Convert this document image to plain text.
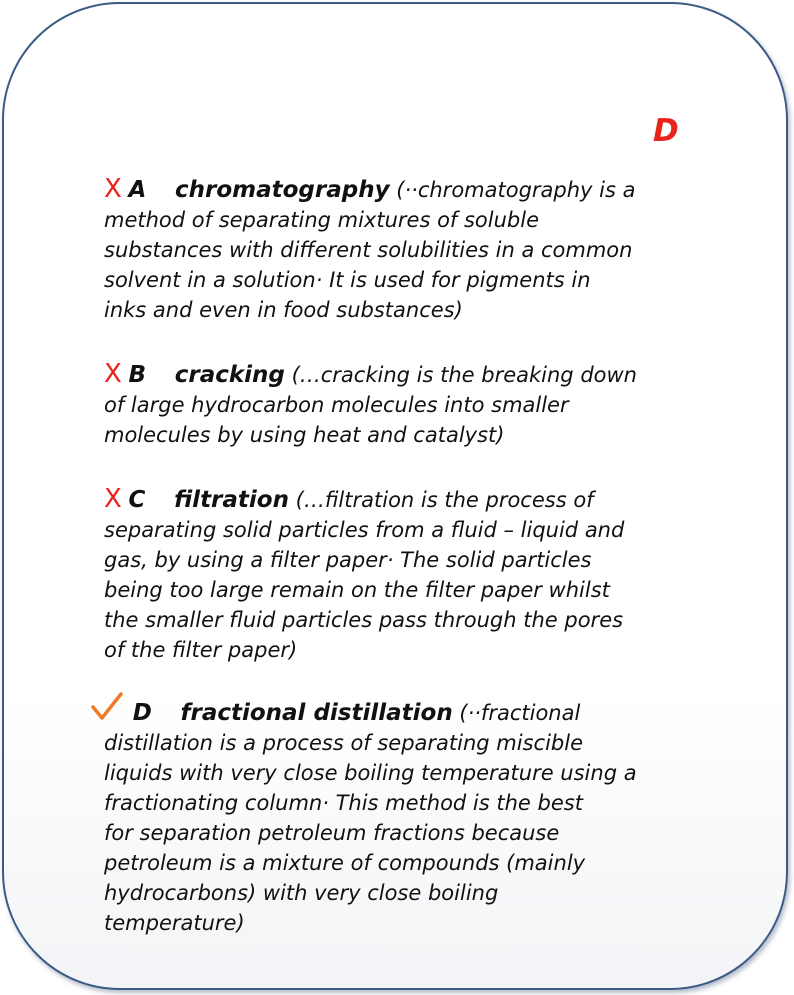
D

X A chromatography (··chromatography is a

method of separating mixtures of soluble

substances with different solubilities in a common

solvent in a solution· It is used for pigments in

inks and even in food substances)

X B cracking (…cracking is the breaking down

of large hydrocarbon molecules into smaller

molecules by using heat and catalyst)

X C filtration (…filtration is the process of

separating solid particles from a fluid – liquid and

gas, by using a filter paper· The solid particles

being too large remain on the filter paper whilst

the smaller fluid particles pass through the pores

of the filter paper)

D fractional distillation (··fractional

distillation is a process of separating miscible

liquids with very close boiling temperature using a

fractionating column· This method is the best

for separation petroleum fractions because

petroleum is a mixture of compounds (mainly

hydrocarbons) with very close boiling

temperature)
